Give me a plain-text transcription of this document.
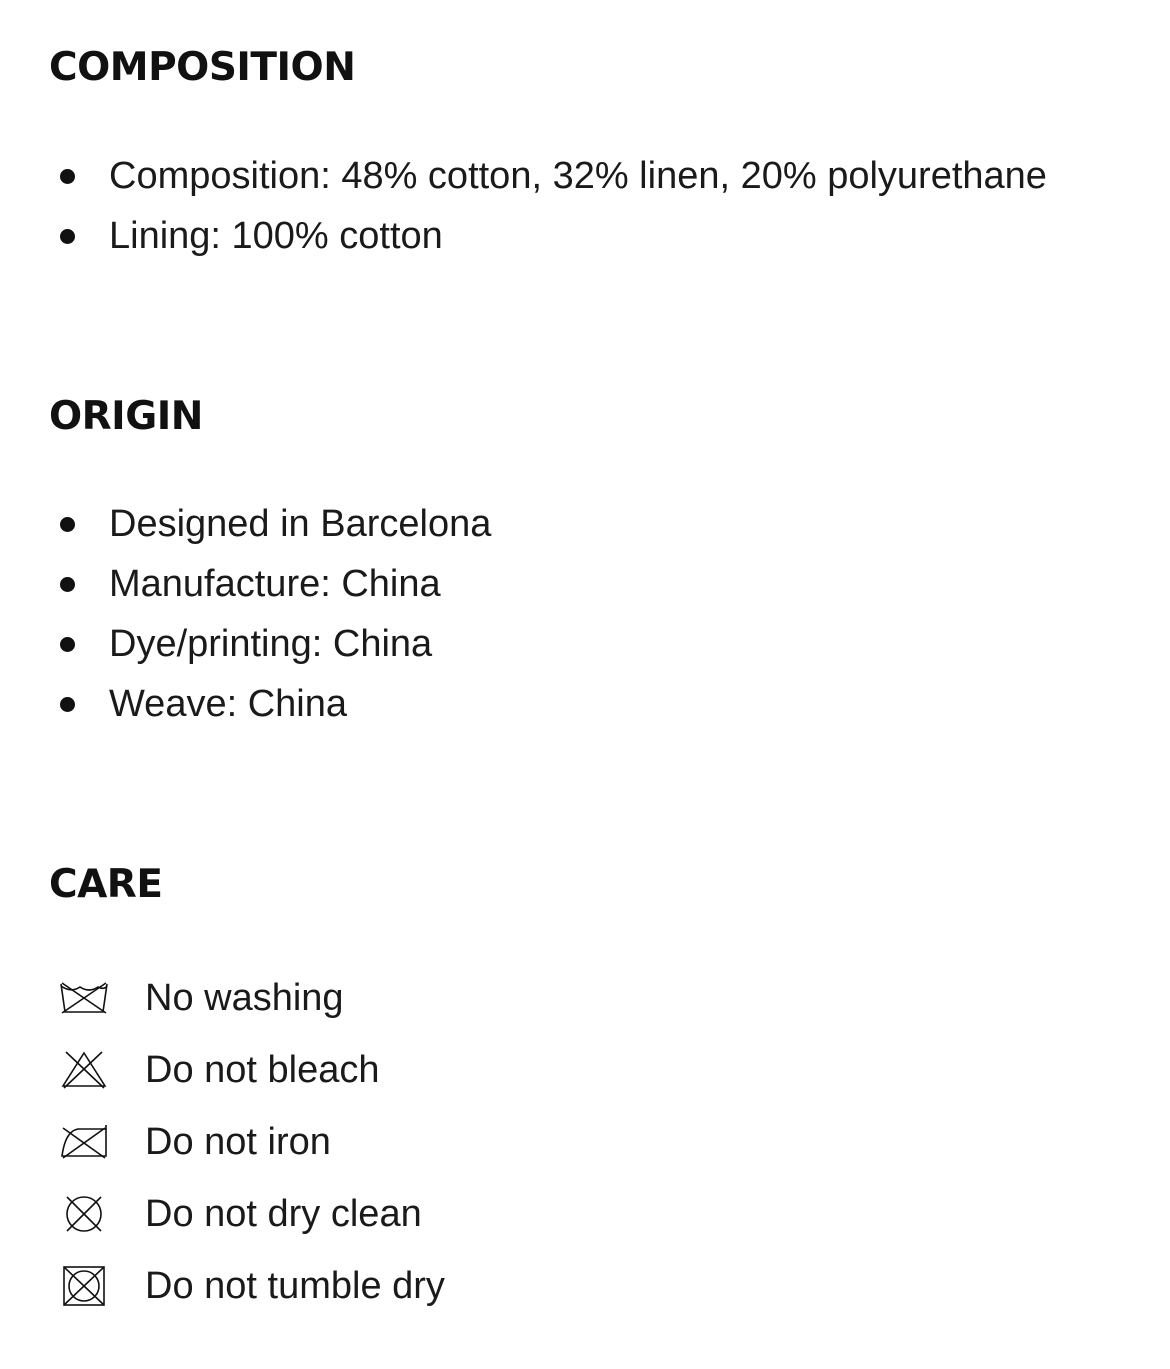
COMPOSITION
Composition: 48% cotton, 32% linen, 20% polyurethane
Lining: 100% cotton
ORIGIN
Designed in Barcelona
Manufacture: China
Dye/printing: China
Weave: China
CARE
No washing
Do not bleach
Do not iron
Do not dry clean
Do not tumble dry
